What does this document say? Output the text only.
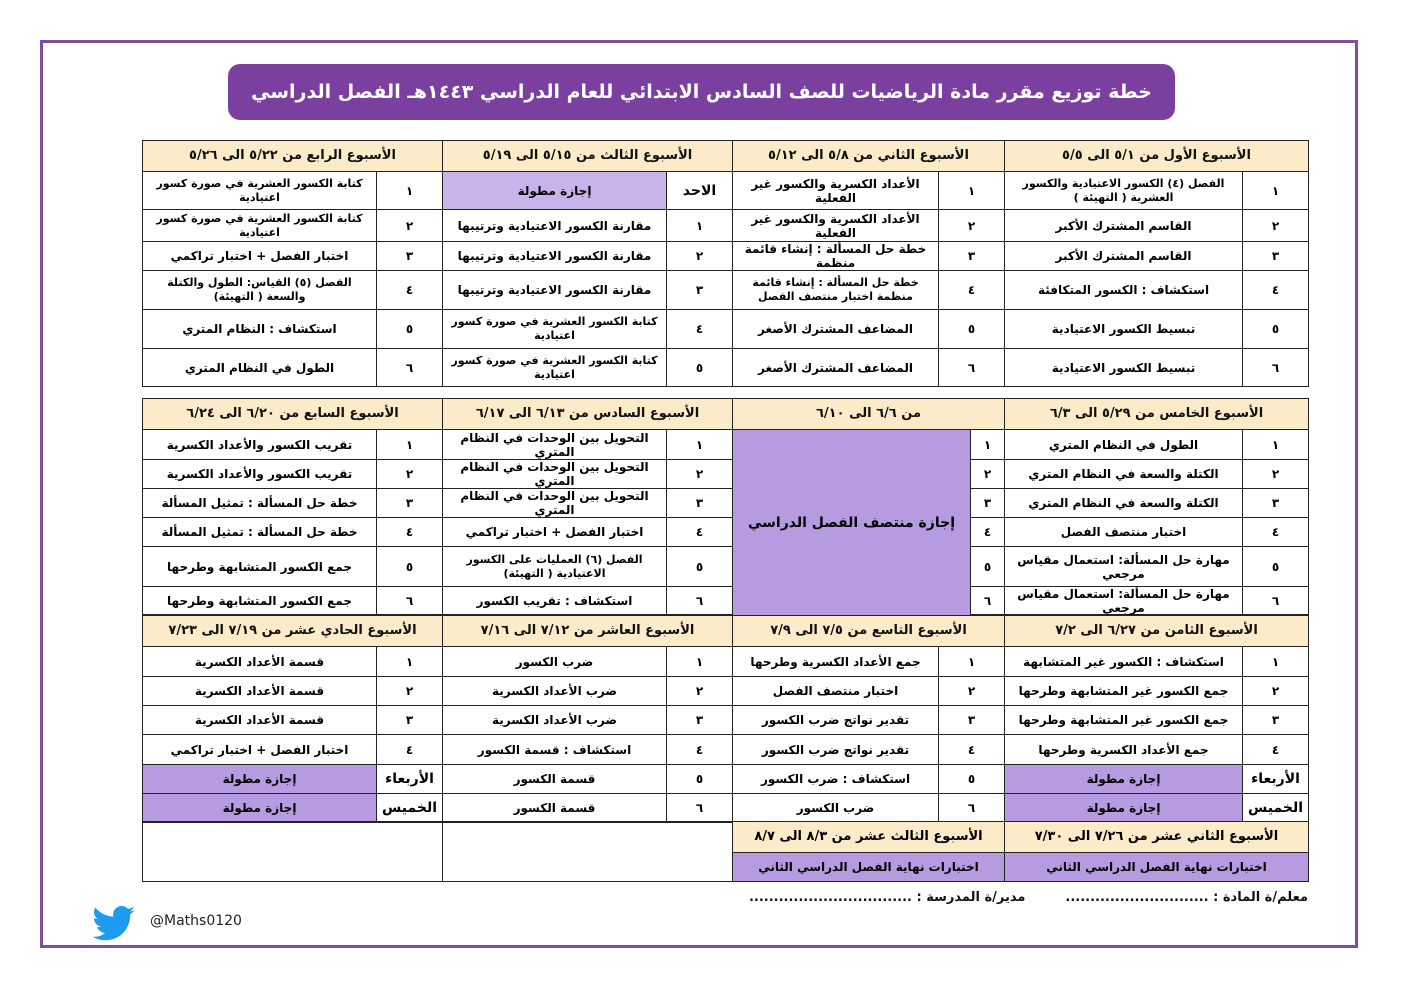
خطة توزيع مقرر مادة الرياضيات للصف السادس الابتدائي للعام الدراسي ١٤٤٣هـ الفصل الدراسي
الأسبوع الأول من ٥/١ الى ٥/٥
١
الفصل (٤) الكسور الاعتيادية والكسور العشرية ( التهيئة )
٢
القاسم المشترك الأكبر
٣
القاسم المشترك الأكبر
٤
استكشاف : الكسور المتكافئة
٥
تبسيط الكسور الاعتيادية
٦
تبسيط الكسور الاعتيادية
الأسبوع الثاني من ٥/٨ الى ٥/١٢
١
الأعداد الكسرية والكسور غير الفعلية
٢
الأعداد الكسرية والكسور غير الفعلية
٣
خطة حل المسألة : إنشاء قائمة منظمة
٤
خطة حل المسألة : إنشاء قائمة منظمة اختبار منتصف الفصل
٥
المضاعف المشترك الأصغر
٦
المضاعف المشترك الأصغر
الأسبوع الثالث من ٥/١٥ الى ٥/١٩
الاحد
إجازة مطولة
١
مقارنة الكسور الاعتيادية وترتيبها
٢
مقارنة الكسور الاعتيادية وترتيبها
٣
مقارنة الكسور الاعتيادية وترتيبها
٤
كتابة الكسور العشرية في صورة كسور اعتيادية
٥
كتابة الكسور العشرية في صورة كسور اعتيادية
الأسبوع الرابع من ٥/٢٢ الى ٥/٢٦
١
كتابة الكسور العشرية في صورة كسور اعتيادية
٢
كتابة الكسور العشرية في صورة كسور اعتيادية
٣
اختبار الفصل + اختبار تراكمي
٤
الفصل (٥) القياس: الطول والكتلة والسعة ( التهيئة)
٥
استكشاف : النظام المتري
٦
الطول في النظام المتري
الأسبوع الخامس من ٥/٢٩ الى ٦/٣
١
الطول في النظام المتري
٢
الكتلة والسعة في النظام المتري
٣
الكتلة والسعة في النظام المتري
٤
اختبار منتصف الفصل
٥
مهارة حل المسألة: استعمال مقياس مرجعي
٦
مهارة حل المسألة: استعمال مقياس مرجعي
من ٦/٦ الى ٦/١٠
١
٢
٣
٤
٥
٦
إجازة منتصف الفصل الدراسي
الأسبوع السادس من ٦/١٣ الى ٦/١٧
١
التحويل بين الوحدات في النظام المتري
٢
التحويل بين الوحدات في النظام المتري
٣
التحويل بين الوحدات في النظام المتري
٤
اختبار الفصل + اختبار تراكمي
٥
الفصل (٦) العمليات على الكسور الاعتيادية ( التهيئة)
٦
استكشاف : تقريب الكسور
الأسبوع السابع من ٦/٢٠ الى ٦/٢٤
١
تقريب الكسور والأعداد الكسرية
٢
تقريب الكسور والأعداد الكسرية
٣
خطة حل المسألة : تمثيل المسألة
٤
خطة حل المسألة : تمثيل المسألة
٥
جمع الكسور المتشابهة وطرحها
٦
جمع الكسور المتشابهة وطرحها
الأسبوع الثامن من ٦/٢٧ الى ٧/٢
١
استكشاف : الكسور غير المتشابهة
٢
جمع الكسور غير المتشابهة وطرحها
٣
جمع الكسور غير المتشابهة وطرحها
٤
جمع الأعداد الكسرية وطرحها
الأربعاء
إجازة مطولة
الخميس
إجازة مطولة
الأسبوع التاسع من ٧/٥ الى ٧/٩
١
جمع الأعداد الكسرية وطرحها
٢
اختبار منتصف الفصل
٣
تقدير نواتج ضرب الكسور
٤
تقدير نواتج ضرب الكسور
٥
استكشاف : ضرب الكسور
٦
ضرب الكسور
الأسبوع العاشر من ٧/١٢ الى ٧/١٦
١
ضرب الكسور
٢
ضرب الأعداد الكسرية
٣
ضرب الأعداد الكسرية
٤
استكشاف : قسمة الكسور
٥
قسمة الكسور
٦
قسمة الكسور
الأسبوع الحادي عشر من ٧/١٩ الى ٧/٢٣
١
قسمة الأعداد الكسرية
٢
قسمة الأعداد الكسرية
٣
قسمة الأعداد الكسرية
٤
اختبار الفصل + اختبار تراكمي
الأربعاء
إجازة مطولة
الخميس
إجازة مطولة
الأسبوع الثاني عشر من ٧/٢٦ الى ٧/٣٠
اختبارات نهاية الفصل الدراسي الثاني
الأسبوع الثالث عشر من ٨/٣ الى ٨/٧
اختبارات نهاية الفصل الدراسي الثاني
معلم/ة المادة : .............................
مدير/ة المدرسة : .................................
@Maths0120
